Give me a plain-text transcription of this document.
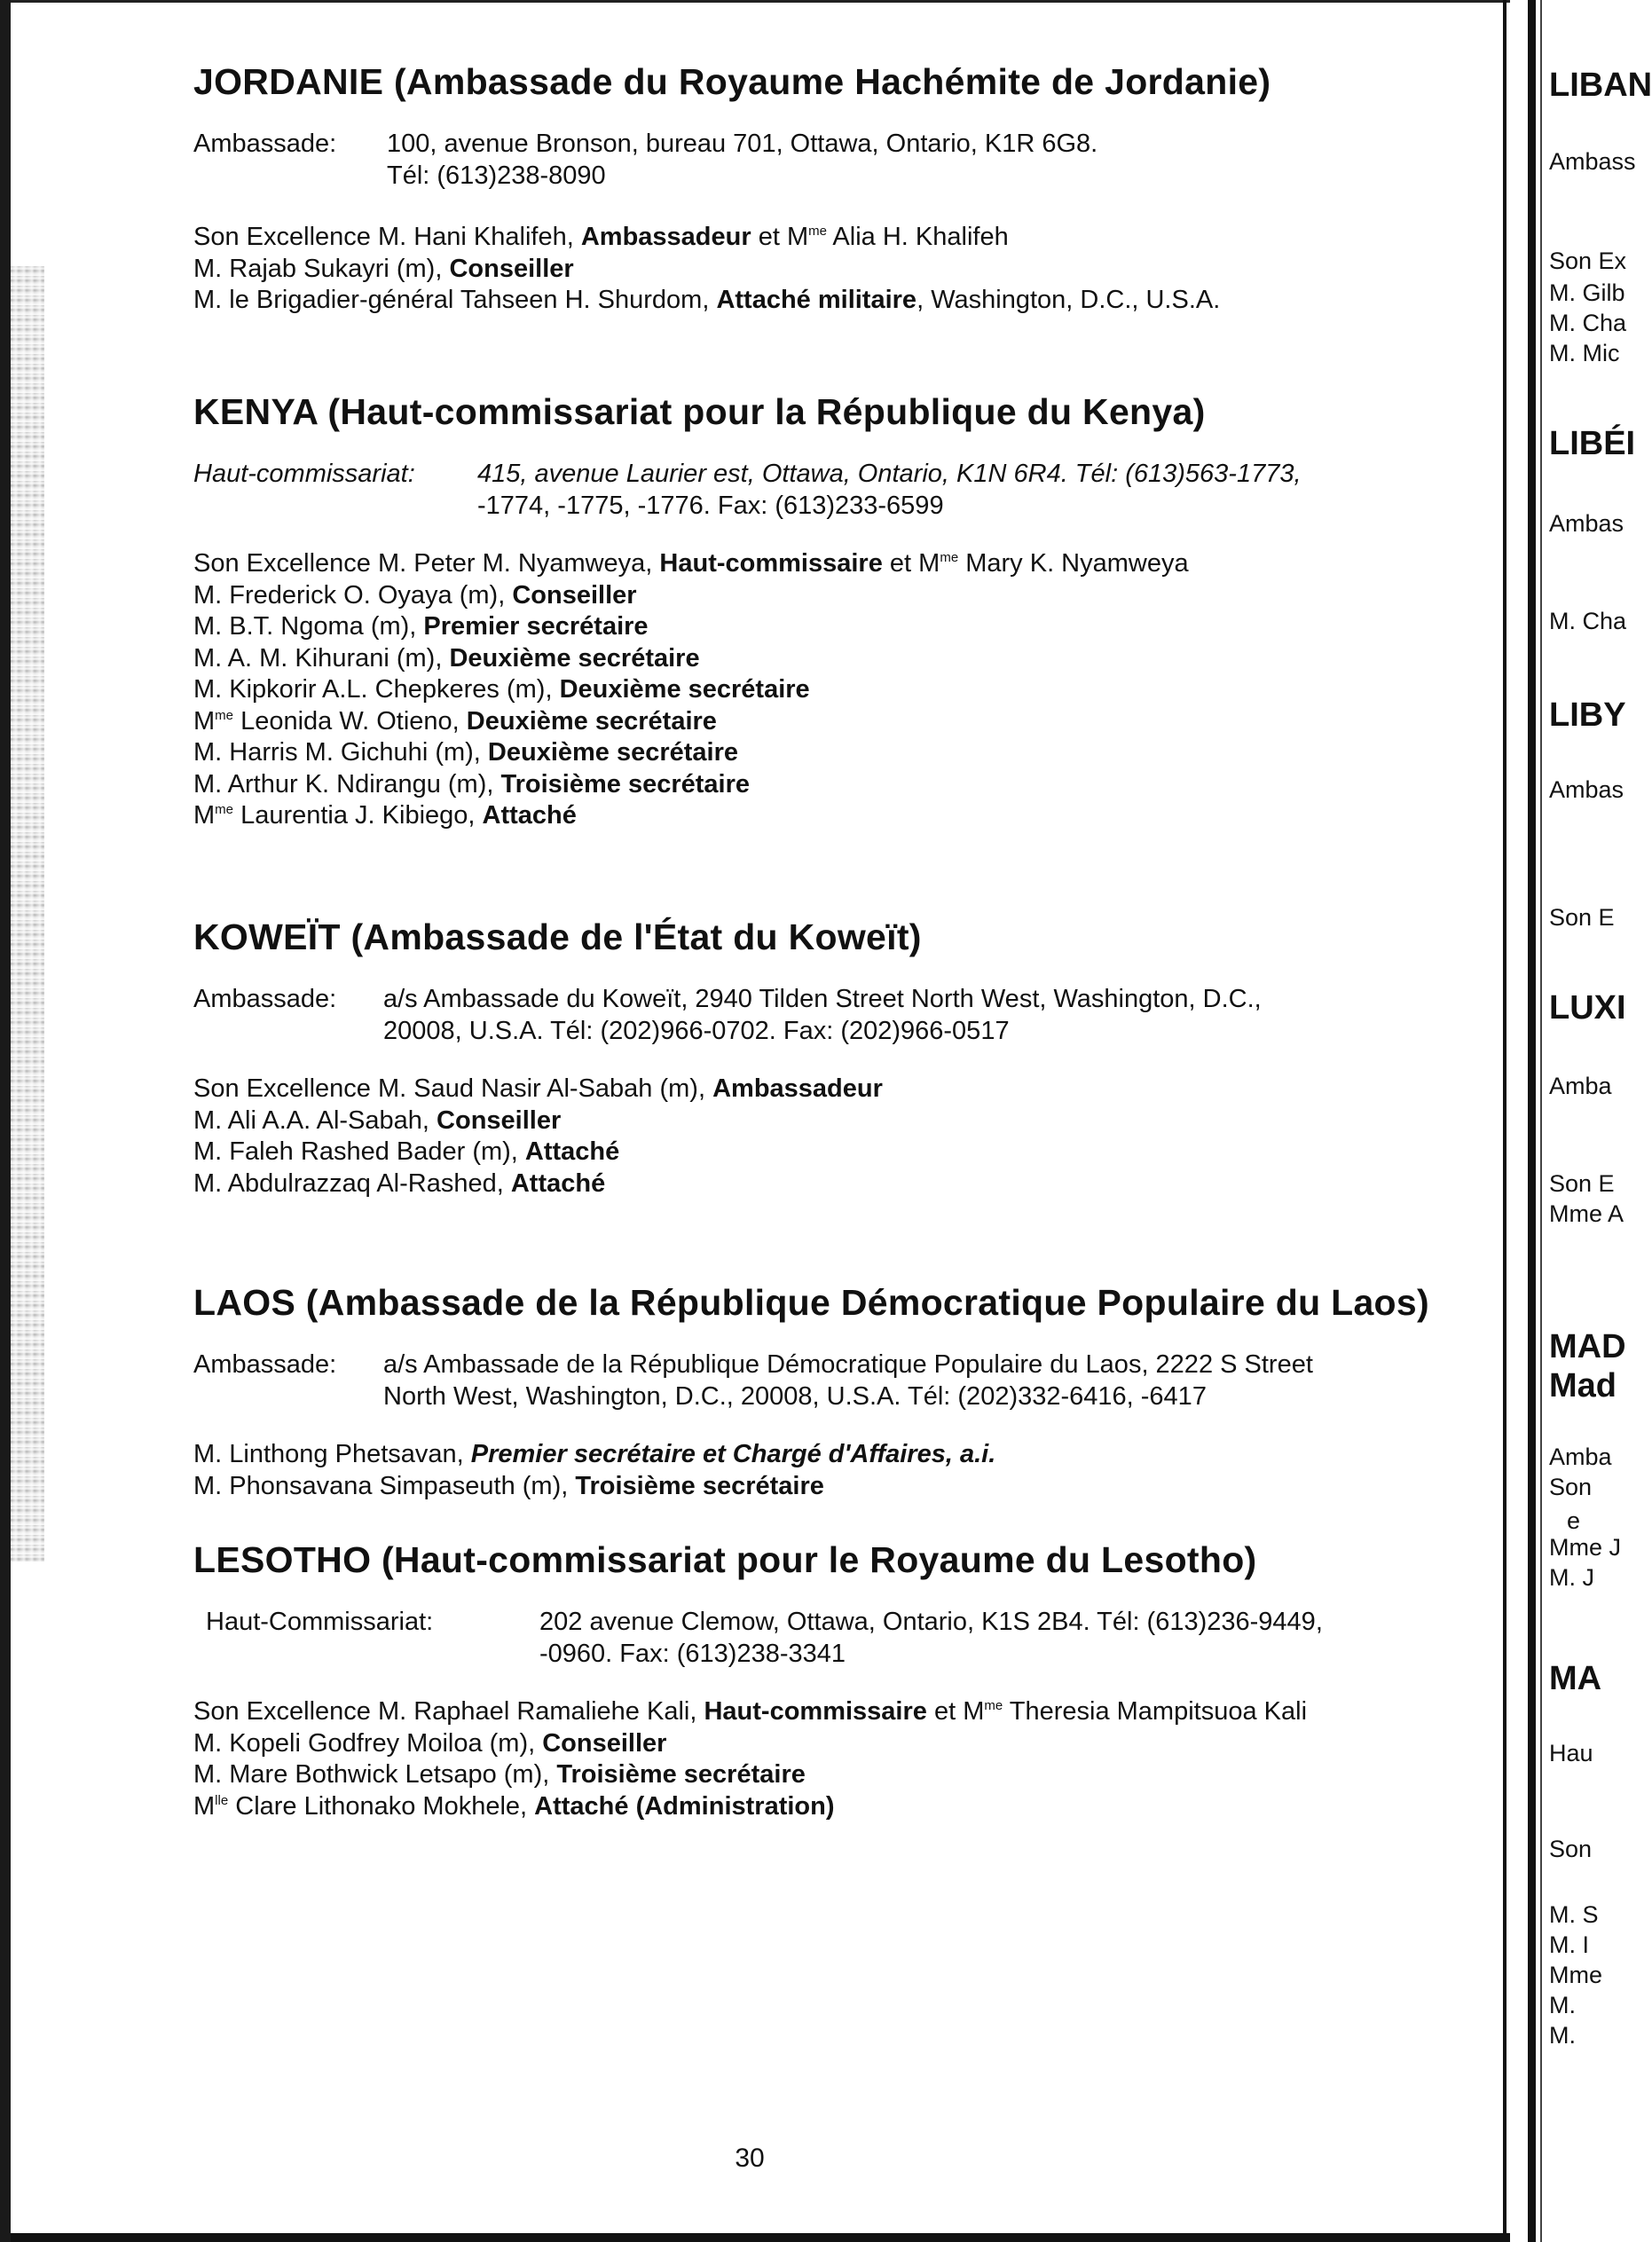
JORDANIE (Ambassade du Royaume Hachémite de Jordanie)
Ambassade:	100, avenue Bronson, bureau 701, Ottawa, Ontario, K1R 6G8.
Tél: (613)238-8090
Son Excellence M. Hani Khalifeh, Ambassadeur et $M^{me}$ Alia H. Khalifeh
M. Rajab Sukayri (m), Conseiller
M. le Brigadier-général Tahseen H. Shurdom, Attaché militaire, Washington, D.C., U.S.A.
KENYA (Haut-commissariat pour la République du Kenya)
Haut-commissariat:	415, avenue Laurier est, Ottawa, Ontario, K1N 6R4. Tél: (613)563-1773,
-1774, -1775, -1776. Fax: (613)233-6599
Son Excellence M. Peter M. Nyamweya, Haut-commissaire et $M^{me}$ Mary K. Nyamweya
M. Frederick O. Oyaya (m), Conseiller
M. B.T. Ngoma (m), Premier secrétaire
M. A. M. Kihurani (m), Deuxième secrétaire
M. Kipkorir A.L. Chepkeres (m), Deuxième secrétaire
$M^{me}$ Leonida W. Otieno, Deuxième secrétaire
M. Harris M. Gichuhi (m), Deuxième secrétaire
M. Arthur K. Ndirangu (m), Troisième secrétaire
$M^{me}$ Laurentia J. Kibiego, Attaché
KOWEÏT (Ambassade de l'État du Koweït)
Ambassade:	a/s Ambassade du Koweït, 2940 Tilden Street North West, Washington, D.C.,
20008, U.S.A. Tél: (202)966-0702. Fax: (202)966-0517
Son Excellence M. Saud Nasir Al-Sabah (m), Ambassadeur
M. Ali A.A. Al-Sabah, Conseiller
M. Faleh Rashed Bader (m), Attaché
M. Abdulrazzaq Al-Rashed, Attaché
LAOS (Ambassade de la République Démocratique Populaire du Laos)
Ambassade:	a/s Ambassade de la République Démocratique Populaire du Laos, 2222 S Street
North West, Washington, D.C., 20008, U.S.A. Tél: (202)332-6416, -6417
M. Linthong Phetsavan, Premier secrétaire et Chargé d'Affaires, a.i.
M. Phonsavana Simpaseuth (m), Troisième secrétaire
LESOTHO (Haut-commissariat pour le Royaume du Lesotho)
Haut-Commissariat:	202 avenue Clemow, Ottawa, Ontario, K1S 2B4. Tél: (613)236-9449,
-0960. Fax: (613)238-3341
Son Excellence M. Raphael Ramaliehe Kali, Haut-commissaire et $M^{me}$ Theresia Mampitsuoa Kali
M. Kopeli Godfrey Moiloa (m), Conseiller
M. Mare Bothwick Letsapo (m), Troisième secrétaire
$M^{lle}$ Clare Lithonako Mokhele, Attaché (Administration)
30
LIBAN
Ambass
Son Ex
M. Gilb
M. Cha
M. Mic
LIBÉI
Ambas
M. Cha
LIBY
Ambas
Son E
LUXI
Amba
Son E
Mme A
MAD
Mad
Amba
Son
e
Mme J
M. J
MA
Hau
Son
M. S
M. I
Mme
M.
M.
